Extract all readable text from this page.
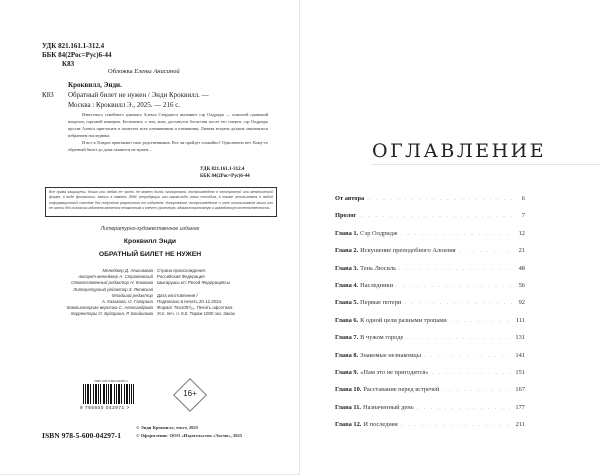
УДК 821.161.1-312.4
ББК 84(2Рос=Рус)6-44
К83
Обложка Елены Анисиной
Кроквилл, Энди.
К83 Обратный билет не нужен / Энди Кроквилл. —
Москва : Кроквилл Э., 2025. — 216 с.

Известного семейного адвоката Алекса Стерджеса вызывает сэр Олдридж — пожилой одинокий владелец торговой империи. Беспокоясь о том, кому достанутся богатства после его смерти, сэр Олдридж просит Алекса пригласить в поместье всех племянников и племянниц. Личная встреча должна закончиться избранием наследника.

И вот в Лондон приезжают пять родственников. Все ли пройдет спокойно? Однозначно нет. Кому-то обратный билет до дома окажется не нужен…

УДК 821.161.1-312.4
ББК 84(2Рос=Рус)6-44
Все права защищены. Книга или любая ее часть не может быть скопирована, воспроизведена в электронной или механической форме, в виде фотокопии, записи в память ЭВМ, репродукции или каким-либо иным способом, а также использована в любой информационной системе без получения разрешения от издателя. Копирование, воспроизведение и иное использование книги или ее части без согласия издателя является незаконным и влечет уголовную, административную и гражданскую ответственность.
Литературно-художественное издание
Кроквилл Энди
ОБРАТНЫЙ БИЛЕТ НЕ НУЖЕН
Менеджер Д. Анисимова
Аккаунт-менеджер А. Строжевский
Ответственный редактор Н. Комкова
Литературный редактор З. Яновская
Младший редактор
А. Казакова, О. Гагарина
Компьютерная верстка С. Александрова
Корректоры О. Бударина, Р. Бондинова
Страна происхождения:
Российская Федерация
Шығарушы ел: Ресей Федерациясы
Дата изготовления /
Подписано в печать 20.12.2024.
Формат 76x100¹/₁₆. Печать офсетная.
Усл. печ. л. 9,5. Тираж 1000 экз. Заказ
ISBN 978-5-600-04297-1
9 785600 042971 >
16+
ISBN 978-5-600-04297-1
© Энди Кроквилл, текст, 2025
© Оформление. ООО «Издательство «Эксмо», 2025
ОГЛАВЛЕНИЕ
От автора . . .	6
Пролог . . .	7
Глава 1. Сэр Олдридж . . .	12
Глава 2. Искушение преподобного Алоизия . . .	21
Глава 3. Тень Люсиль . . .	48
Глава 4. Наследники . . .	56
Глава 5. Первые потери . . .	92
Глава 6. К одной цели разными тропами . . .	111
Глава 7. В чужом городе . . .	131
Глава 8. Знакомые незнакомцы . . .	141
Глава 9. «Нам это не пригодится» . . .	151
Глава 10. Расставание перед встречей . . .	167
Глава 11. Назначенный день . . .	177
Глава 12. И последняя . . .	211
